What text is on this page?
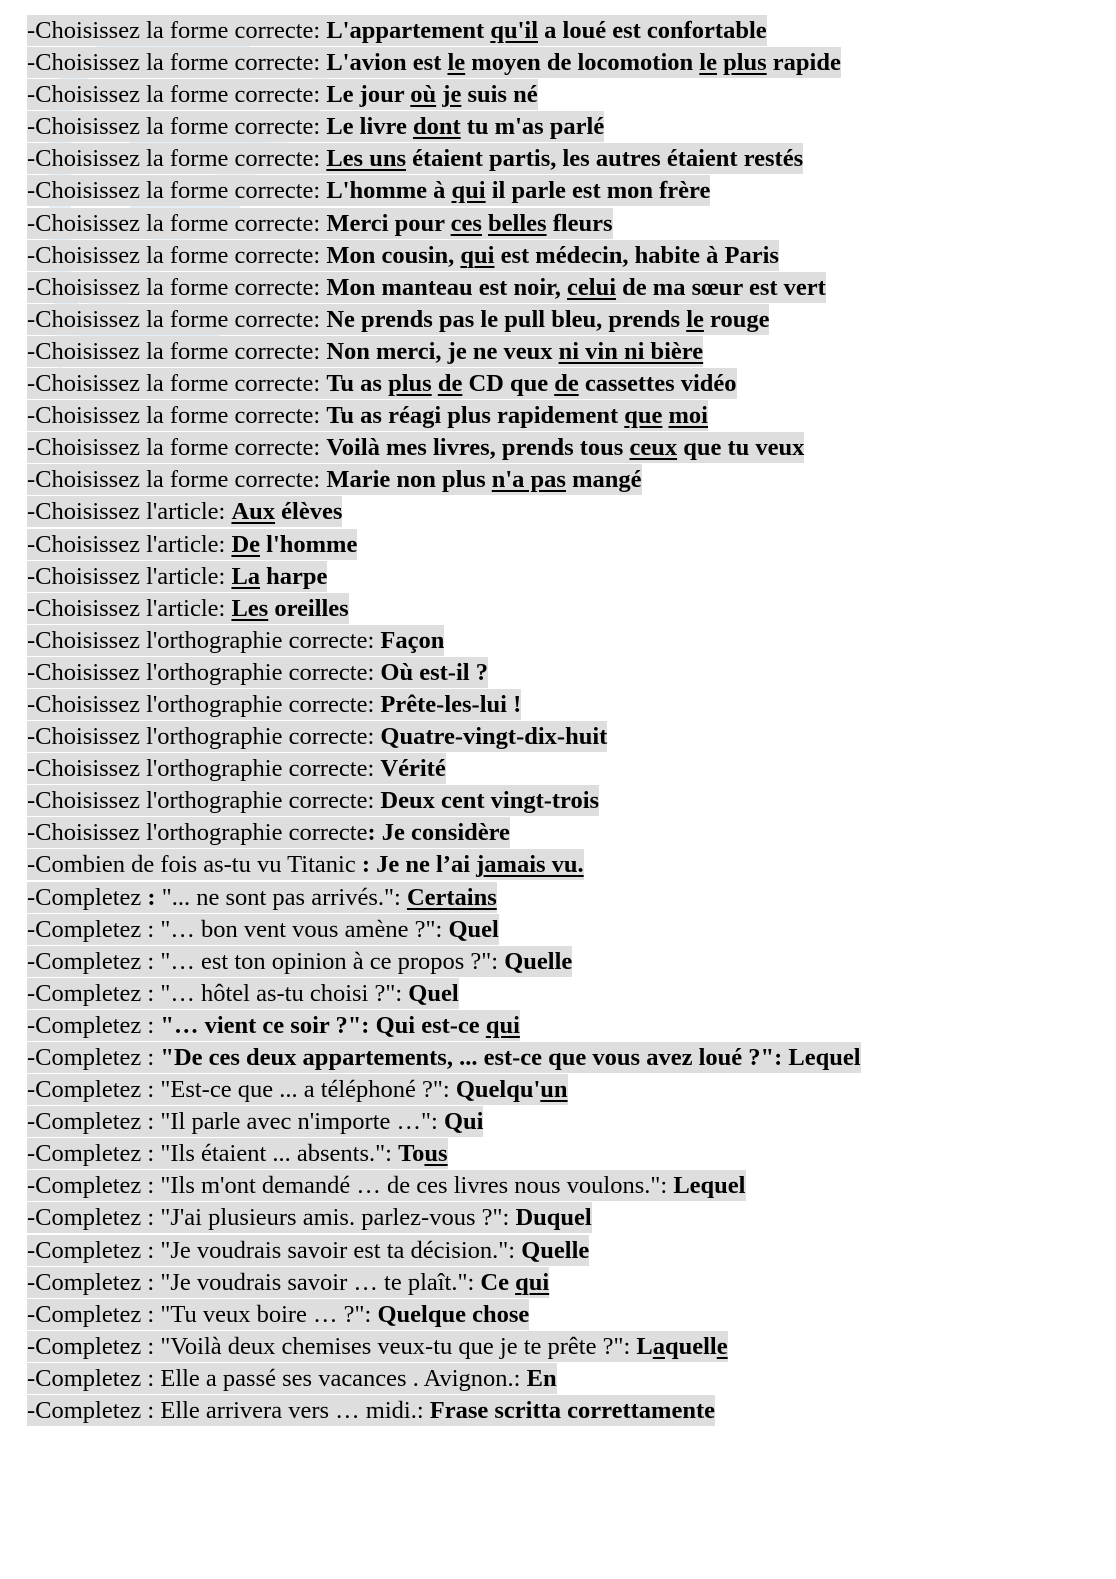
-Choisissez la forme correcte: L'appartement qu'il a loué est confortable
-Choisissez la forme correcte: L'avion est le moyen de locomotion le plus rapide
-Choisissez la forme correcte: Le jour où je suis né
-Choisissez la forme correcte: Le livre dont tu m'as parlé
-Choisissez la forme correcte: Les uns étaient partis, les autres étaient restés
-Choisissez la forme correcte: L'homme à qui il parle est mon frère
-Choisissez la forme correcte: Merci pour ces belles fleurs
-Choisissez la forme correcte: Mon cousin, qui est médecin, habite à Paris
-Choisissez la forme correcte: Mon manteau est noir, celui de ma sœur est vert
-Choisissez la forme correcte: Ne prends pas le pull bleu, prends le rouge
-Choisissez la forme correcte: Non merci, je ne veux ni vin ni bière
-Choisissez la forme correcte: Tu as plus de CD que de cassettes vidéo
-Choisissez la forme correcte: Tu as réagi plus rapidement que moi
-Choisissez la forme correcte: Voilà mes livres, prends tous ceux que tu veux
-Choisissez la forme correcte: Marie non plus n'a pas mangé
-Choisissez l'article: Aux élèves
-Choisissez l'article: De l'homme
-Choisissez l'article: La harpe
-Choisissez l'article: Les oreilles
-Choisissez l'orthographie correcte: Façon
-Choisissez l'orthographie correcte: Où est-il ?
-Choisissez l'orthographie correcte: Prête-les-lui !
-Choisissez l'orthographie correcte: Quatre-vingt-dix-huit
-Choisissez l'orthographie correcte: Vérité
-Choisissez l'orthographie correcte: Deux cent vingt-trois
-Choisissez l'orthographie correcte: Je considère
-Combien de fois as-tu vu Titanic : Je ne l’ai jamais vu.
-Completez : "... ne sont pas arrivés.": Certains
-Completez : "… bon vent vous amène ?": Quel
-Completez : "… est ton opinion à ce propos ?": Quelle
-Completez : "… hôtel as-tu choisi ?": Quel
-Completez : "… vient ce soir ?": Qui est-ce qui
-Completez : "De ces deux appartements, ... est-ce que vous avez loué ?": Lequel
-Completez : "Est-ce que ... a téléphoné ?": Quelqu'un
-Completez : "Il parle avec n'importe …": Qui
-Completez : "Ils étaient ... absents.": Tous
-Completez : "Ils m'ont demandé … de ces livres nous voulons.": Lequel
-Completez : "J'ai plusieurs amis. parlez-vous ?": Duquel
-Completez : "Je voudrais savoir est ta décision.": Quelle
-Completez : "Je voudrais savoir … te plaît.": Ce qui
-Completez : "Tu veux boire … ?": Quelque chose
-Completez : "Voilà deux chemises veux-tu que je te prête ?": Laquelle
-Completez : Elle a passé ses vacances . Avignon.: En
-Completez : Elle arrivera vers … midi.: Frase scritta correttamente
